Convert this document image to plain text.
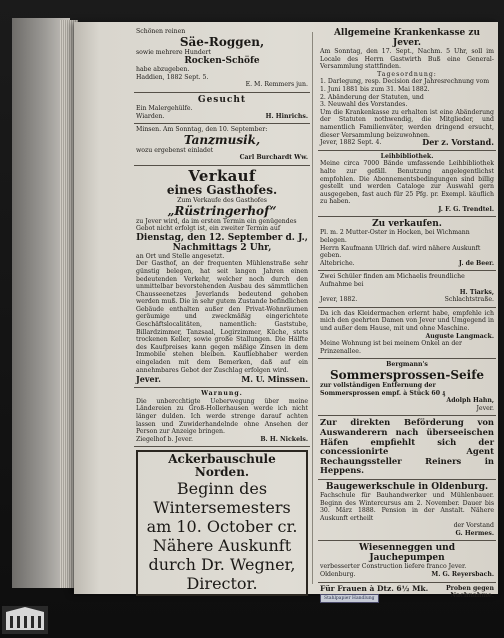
Schönen reinen
Säe-Roggen,
sowie mehrere Hundert
Rocken-Schöfe
habe abzugeben.
Haddien, 1882 Sept. 5.
E. M. Remmers jun.
Gesucht
Ein Malergehülfe.
Wiarden.	H. Hinrichs.
Minsen. Am Sonntag, den 10. September:
Tanzmusik,
wozu ergebenst einladet
Carl Burchardt Ww.
Verkauf
eines Gasthofes.
Zum Verkaufe des Gasthofes
„Rüstringerhof“
zu Jever wird, da im ersten Termin ein genügendes Gebot nicht erfolgt ist, ein zweiter Termin auf
Dienstag, den 12. September d. J.,
Nachmittags 2 Uhr,
an Ort und Stelle angesetzt.
Der Gasthof, an der frequenten Mühlenstraße sehr günstig belegen, hat seit langen Jahren einen bedeutenden Verkehr, welcher noch durch den unmittelbar bevorstehenden Ausbau des sämmtlichen Chausseenetzes Jeverlands bedeutend gehoben werden muß. Die in sehr gutem Zustande befindlichen Gebäude enthalten außer den Privat-Wohnräumen geräumige und zweckmäßig eingerichtete Geschäftslocalitäten, namentlich: Gaststube, Billardzimmer, Tanzsaal, Logirzimmer, Küche, stets trockenen Keller, sowie große Stallungen. Die Hälfte des Kaufpreises kann gegen mäßige Zinsen in dem Immobile stehen bleiben. Kaufliebhaber werden eingeladen mit dem Bemerken, daß auf ein annehmbares Gebot der Zuschlag erfolgen wird.
Jever.	M. U. Minssen.
Warnung.
Die unbercchtigte Ueberwegung über meine Ländereien zu Groß-Hollerhausen werde ich nicht länger dulden. Ich werde strenge darauf achten lassen und Zuwiderhandelnde ohne Ansehen der Person zur Anzeige bringen.
Ziegelhof b. Jever.	B. H. Nickels.
Ackerbauschule Norden.
Beginn des Wintersemesters am 10. October cr.
Nähere Auskunft durch Dr. Wegner, Director.
Allgemeine Krankenkasse zu Jever.
Am Sonntag, den 17. Sept., Nachm. 5 Uhr, soll im Locale des Herrn Gastwirth Buß eine General-Versammlung stattfinden.
Tagesordnung:
1. Darlegung, resp. Decision der Jahresrechnung vom 1. Juni 1881 bis zum 31. Mai 1882.
2. Abänderung der Statuten, und
3. Neuwahl des Vorstandes.
Um die Krankenkasse zu erhalten ist eine Abänderung der Statuten nothwendig, die Mitglieder, und namentlich Familienväter, werden dringend ersucht, dieser Versammlung beizuwohnen.
Jever, 1882 Sept. 4.	Der z. Vorstand.
Leihbibliothek.
Meine circa 7000 Bände umfassende Leihbibliothek halte zur gefäll. Benutzung angelegentlichst empfohlen. Die Abonnementsbedingungen sind billig gestellt und werden Cataloge zur Auswahl gern ausgegeben, fast auch für 25 Pfg. pr. Exempl. käuflich zu haben.
J. F. G. Trendtel.
Zu verkaufen.
Pl. m. 2 Mutter-Oster in Hocken, bei Wichmann belegen.
Herrn Kaufmann Ullrich daf. wird nähere Auskunft geben.
Altebriche.	J. de Beer.
Zwei Schüler finden am Michaelis freundliche Aufnahme bei
H. Tiarks,
Jever, 1882.	Schlachtstraße.
Da ich das Kleidermachen erlernt habe, empfehle ich mich den geehrten Damen von Jever und Umgegend in und außer dem Hause, mit und ohne Maschine.
Auguste Langmack.
Meine Wohnung ist bei meinem Onkel an der Prinzenallee.
Bergmann's
Sommersprossen-Seife
zur vollständigen Entfernung der Sommersprossen empf. à Stück 60 ₰
Adolph Hahn,
Jever.
Zur direkten Beförderung von Auswanderern nach überseeischen Häfen empfiehlt sich der concessionirte Agent Rechaungssteller Reiners in Heppens.
Baugewerkschule in Oldenburg.
Fachschule für Bauhandwerker und Mühlenbauer. Beginn des Wintercursus am 2. November. Dauer bis 30. März 1888. Pension in der Anstalt. Nähere Auskunft ertheilt
der Vorstand
G. Hermes.
Wiesenneggen und Jauchepumpen
verbesserter Construction liefere franco Jever.
Oldenburg.	M. G. Reyersbach.
Für Frauen à Dtz. 6½ Mk.	Proben gegen
Stahlpapier Handlung	Nachnahme.
